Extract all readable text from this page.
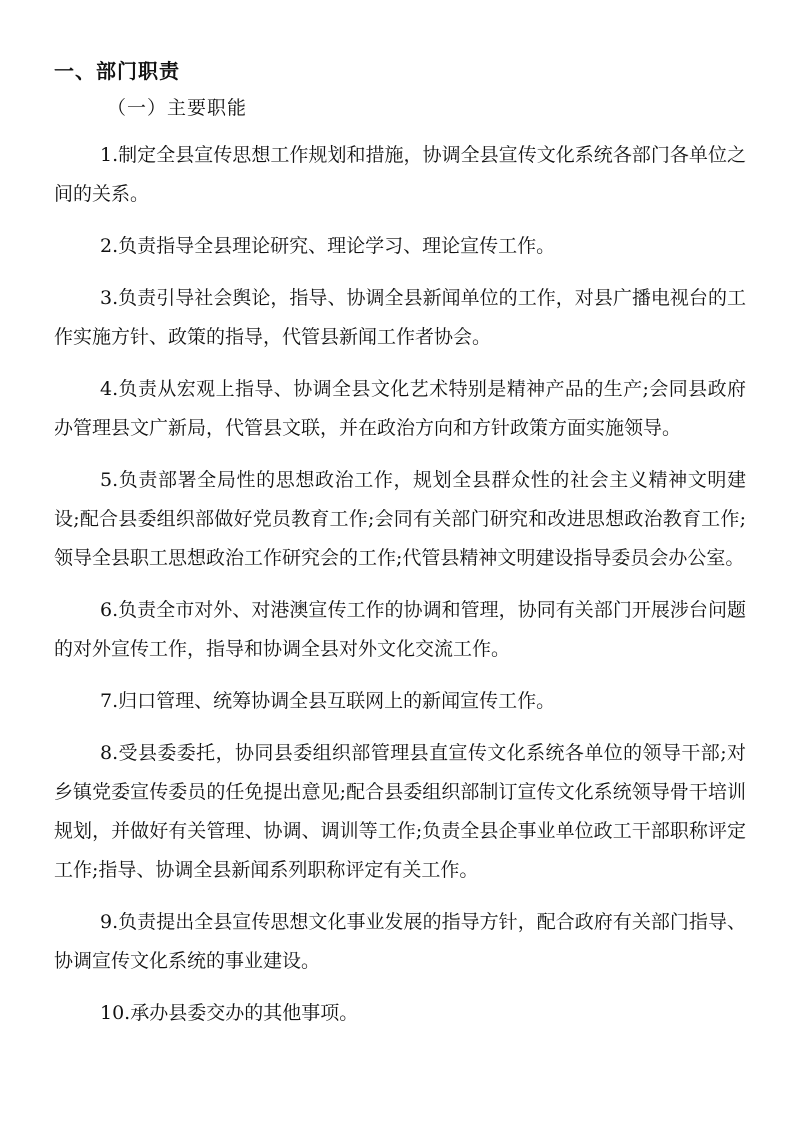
一、部门职责
（一）主要职能

1.制定全县宣传思想工作规划和措施，协调全县宣传文化系统各部门各单位之间的关系。

2.负责指导全县理论研究、理论学习、理论宣传工作。

3.负责引导社会舆论，指导、协调全县新闻单位的工作，对县广播电视台的工作实施方针、政策的指导，代管县新闻工作者协会。

4.负责从宏观上指导、协调全县文化艺术特别是精神产品的生产;会同县政府办管理县文广新局，代管县文联，并在政治方向和方针政策方面实施领导。

5.负责部署全局性的思想政治工作，规划全县群众性的社会主义精神文明建设;配合县委组织部做好党员教育工作;会同有关部门研究和改进思想政治教育工作;领导全县职工思想政治工作研究会的工作;代管县精神文明建设指导委员会办公室。

6.负责全市对外、对港澳宣传工作的协调和管理，协同有关部门开展涉台问题的对外宣传工作，指导和协调全县对外文化交流工作。

7.归口管理、统筹协调全县互联网上的新闻宣传工作。

8.受县委委托，协同县委组织部管理县直宣传文化系统各单位的领导干部;对乡镇党委宣传委员的任免提出意见;配合县委组织部制订宣传文化系统领导骨干培训规划，并做好有关管理、协调、调训等工作;负责全县企事业单位政工干部职称评定工作;指导、协调全县新闻系列职称评定有关工作。

9.负责提出全县宣传思想文化事业发展的指导方针，配合政府有关部门指导、协调宣传文化系统的事业建设。

10.承办县委交办的其他事项。
